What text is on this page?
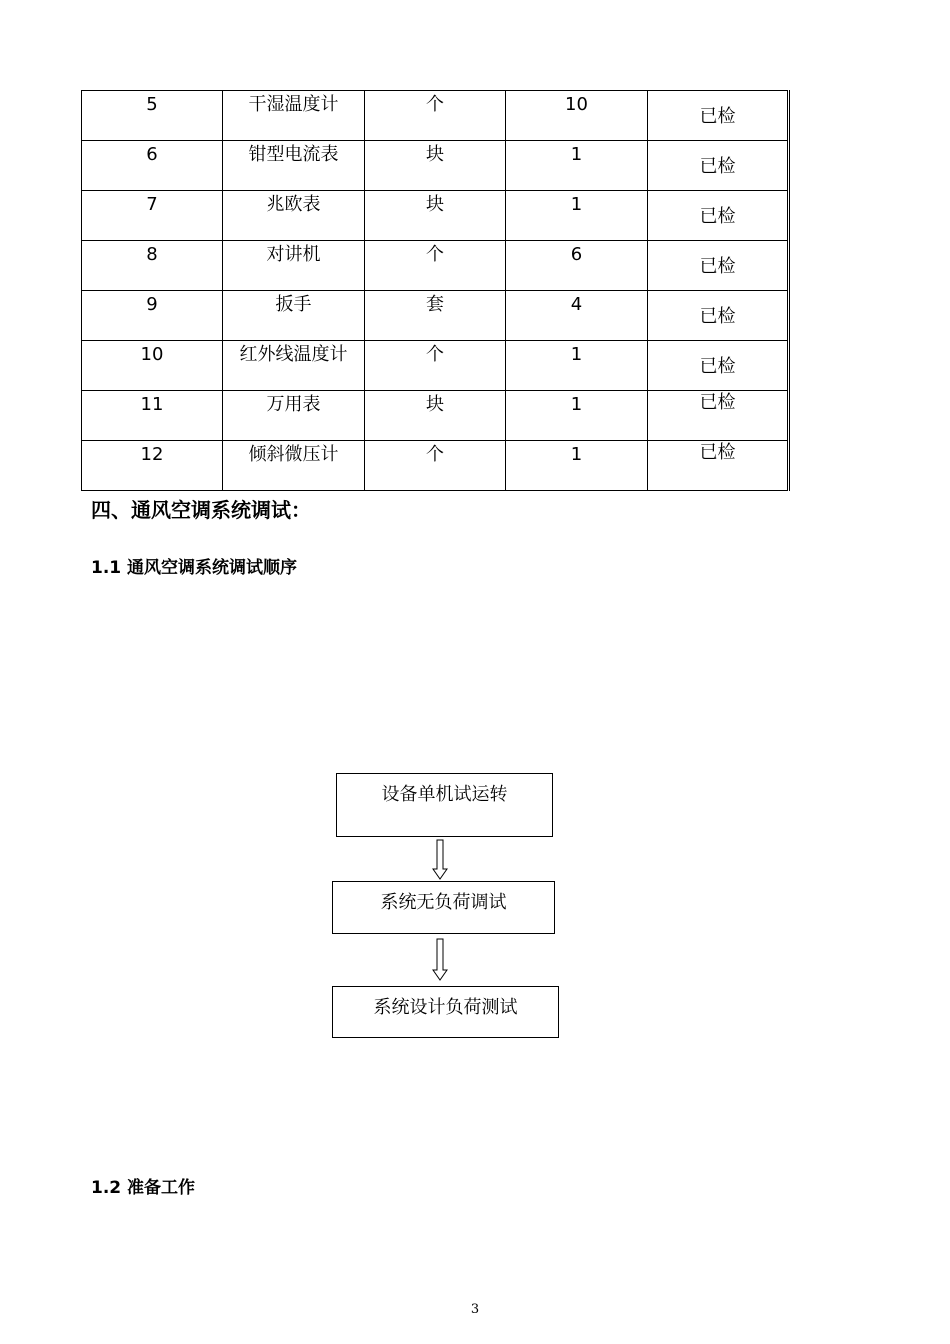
5	干湿温度计	个	10	已检
6	钳型电流表	块	1	已检
7	兆欧表	块	1	已检
8	对讲机	个	6	已检
9	扳手	套	4	已检
10	红外线温度计	个	1	已检
11	万用表	块	1	已检
12	倾斜微压计	个	1	已检
四、通风空调系统调试：
1.1 通风空调系统调试顺序
设备单机试运转
系统无负荷调试
系统设计负荷测试
1.2 准备工作
3
